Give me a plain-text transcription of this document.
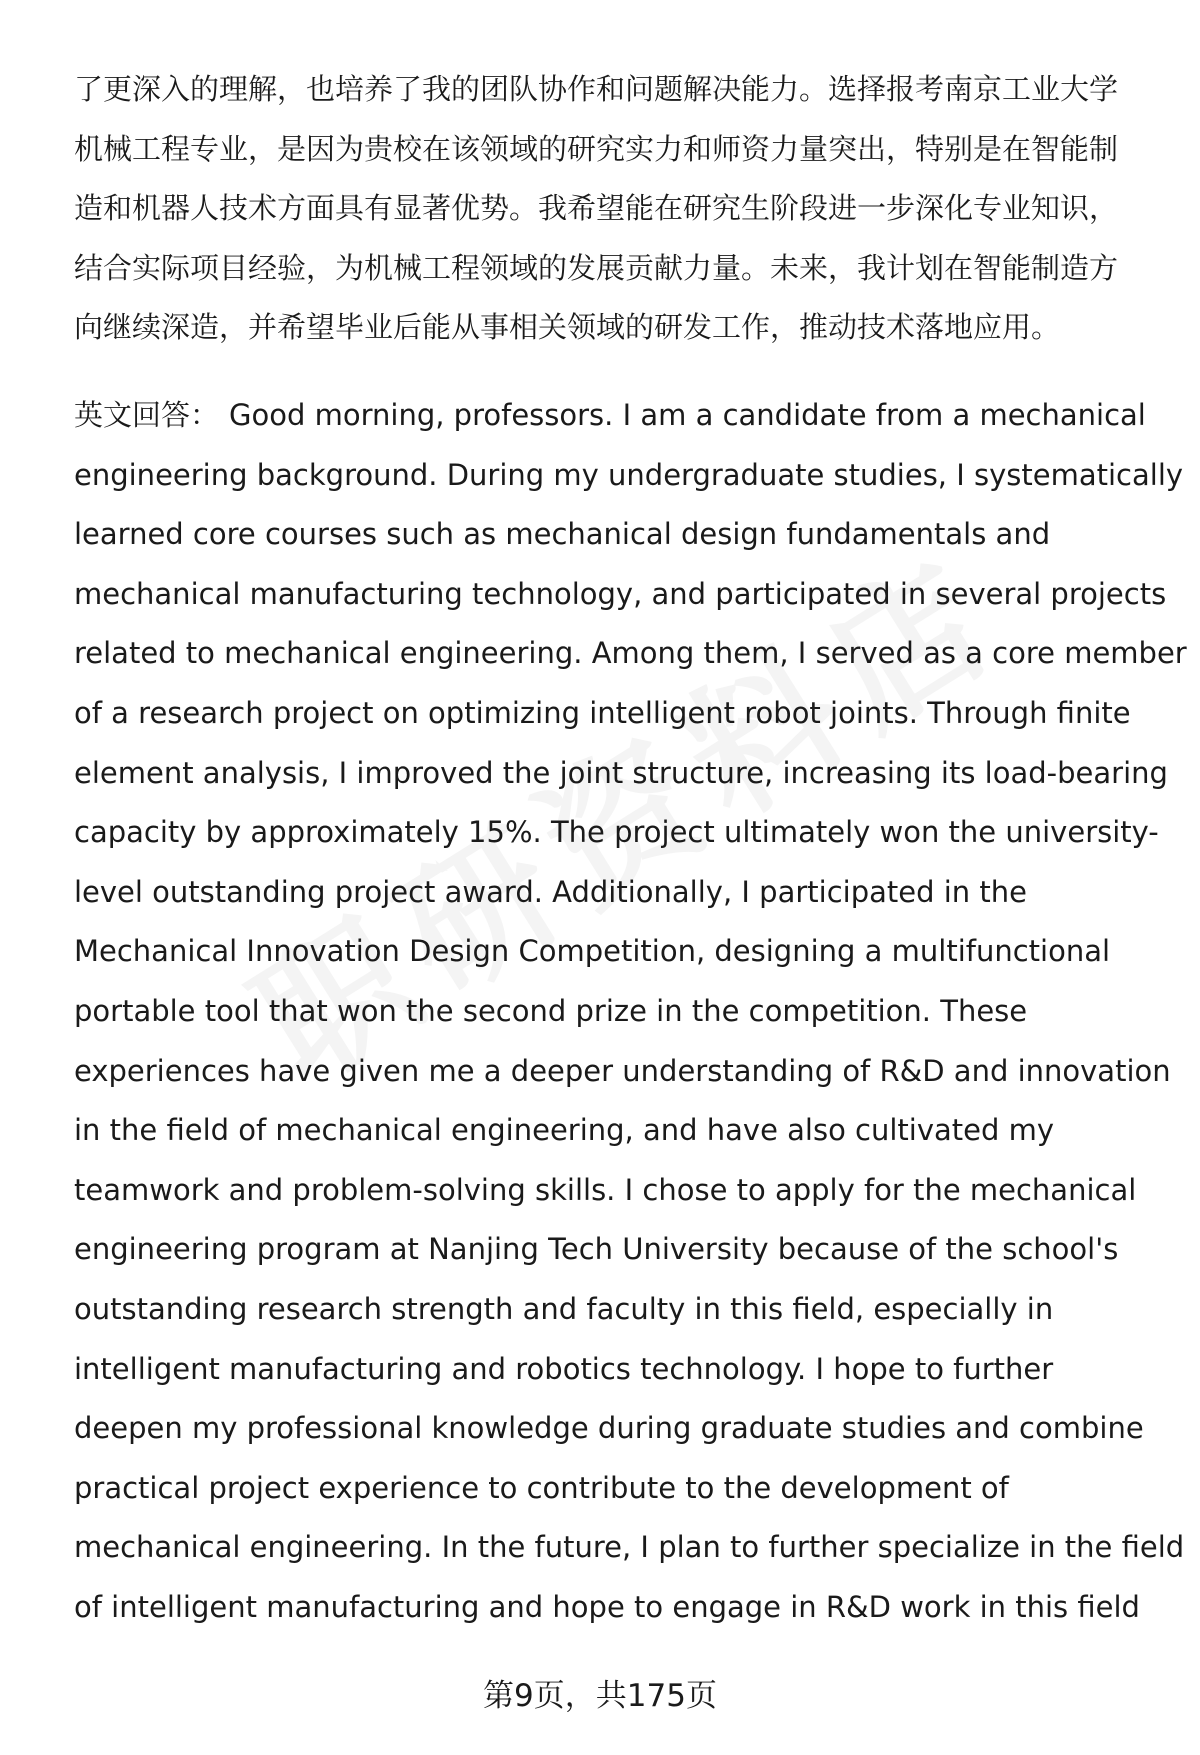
了更深入的理解，也培养了我的团队协作和问题解决能力。选择报考南京工业大学
机械工程专业，是因为贵校在该领域的研究实力和师资力量突出，特别是在智能制
造和机器人技术方面具有显著优势。我希望能在研究生阶段进一步深化专业知识，
结合实际项目经验，为机械工程领域的发展贡献力量。未来，我计划在智能制造方
向继续深造，并希望毕业后能从事相关领域的研发工作，推动技术落地应用。
英文回答： Good morning, professors. I am a candidate from a mechanical
engineering background. During my undergraduate studies, I systematically
learned core courses such as mechanical design fundamentals and
mechanical manufacturing technology, and participated in several projects
related to mechanical engineering. Among them, I served as a core member
of a research project on optimizing intelligent robot joints. Through finite
element analysis, I improved the joint structure, increasing its load-bearing
capacity by approximately 15%. The project ultimately won the university-
level outstanding project award. Additionally, I participated in the
Mechanical Innovation Design Competition, designing a multifunctional
portable tool that won the second prize in the competition. These
experiences have given me a deeper understanding of R&D and innovation
in the field of mechanical engineering, and have also cultivated my
teamwork and problem-solving skills. I chose to apply for the mechanical
engineering program at Nanjing Tech University because of the school's
outstanding research strength and faculty in this field, especially in
intelligent manufacturing and robotics technology. I hope to further
deepen my professional knowledge during graduate studies and combine
practical project experience to contribute to the development of
mechanical engineering. In the future, I plan to further specialize in the field
of intelligent manufacturing and hope to engage in R&D work in this field
第9页，共175页
